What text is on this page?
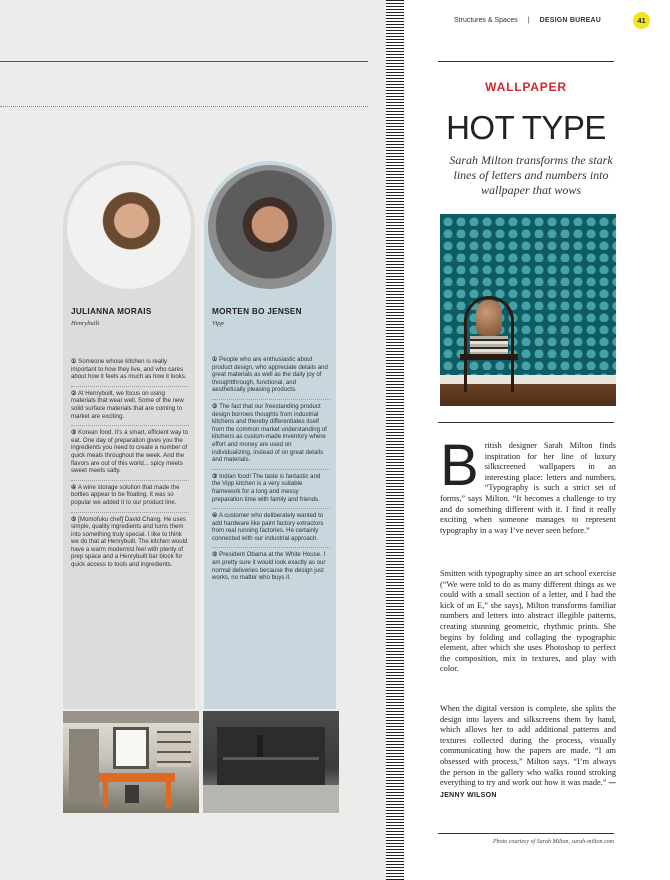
JULIANNA MORAIS
Henrybuilt

① Someone whose kitchen is really important to how they live, and who cares about how it feels as much as how it looks.

② At Henrybuilt, we focus on using materials that wear well. Some of the new solid surface materials that are coming to market are exciting.

③ Korean food. It’s a smart, efficient way to eat. One day of preparation gives you the ingredients you need to create a number of quick meals throughout the week. And the flavors are out of this world... spicy meets sweet meets salty.

④ A wine storage solution that made the bottles appear to be floating. It was so popular we added it to our product line.

⑤ [Momofuku chef] David Chang. He uses simple, quality ingredients and turns them into something truly special. I like to think we do that at Henrybuilt. The kitchen would have a warm modernist feel with plenty of prep space and a Henrybuilt bar block for quick access to tools and ingredients.

MORTEN BO JENSEN
Vipp

① People who are enthusiastic about product design, who appreciate details and great materials as well as the daily joy of thoughtthrough, functional, and aesthetically pleasing products.

② The fact that our freestanding product design borrows thoughts from industrial kitchens and thereby differentiates itself from the common market understanding of kitchens as custom-made inventory where effort and money are used on individualizing, instead of on great details and materials.

③ Indian food! The taste is fantastic and the Vipp kitchen is a very suitable framework for a long and messy preparation time with family and friends.

④ A customer who deliberately wanted to add hardware like paint factory extractors from real running factories. He certainly connected with our industrial approach.

⑤ President Obama at the White House. I am pretty sure it would look exactly as our normal deliveries because the design just works, no matter who buys it.

Structures & Spaces | DESIGN BUREAU	41
WALLPAPER
HOT TYPE
Sarah Milton transforms the stark lines of letters and numbers into wallpaper that wows
British designer Sarah Milton finds inspiration for her line of luxury silkscreened wallpapers in an interesting place: letters and numbers. “Typography is such a strict set of forms,” says Milton. “It becomes a challenge to try and do something different with it. I find it really exciting when someone manages to represent typography in a way I’ve never seen before.”
Smitten with typography since an art school exercise (“We were told to do as many different things as we could with a small section of a letter, and I had the kick of an E,” she says), Milton transforms familiar numbers and letters into abstract illegible patterns, creating stunning geometric, rhythmic prints. She begins by folding and collaging the typographic element, after which she uses Photoshop to perfect the composition, mix in textures, and play with color.
When the digital version is complete, she splits the design into layers and silkscreens them by hand, which allows her to add additional patterns and textures collected during the process, visually communicating how the papers are made. “I am obsessed with process,” Milton says. “I’m always the person in the gallery who walks round stroking everything to try and work out how it was made.” —JENNY WILSON
Photo courtesy of Sarah Milton, sarah-milton.com
